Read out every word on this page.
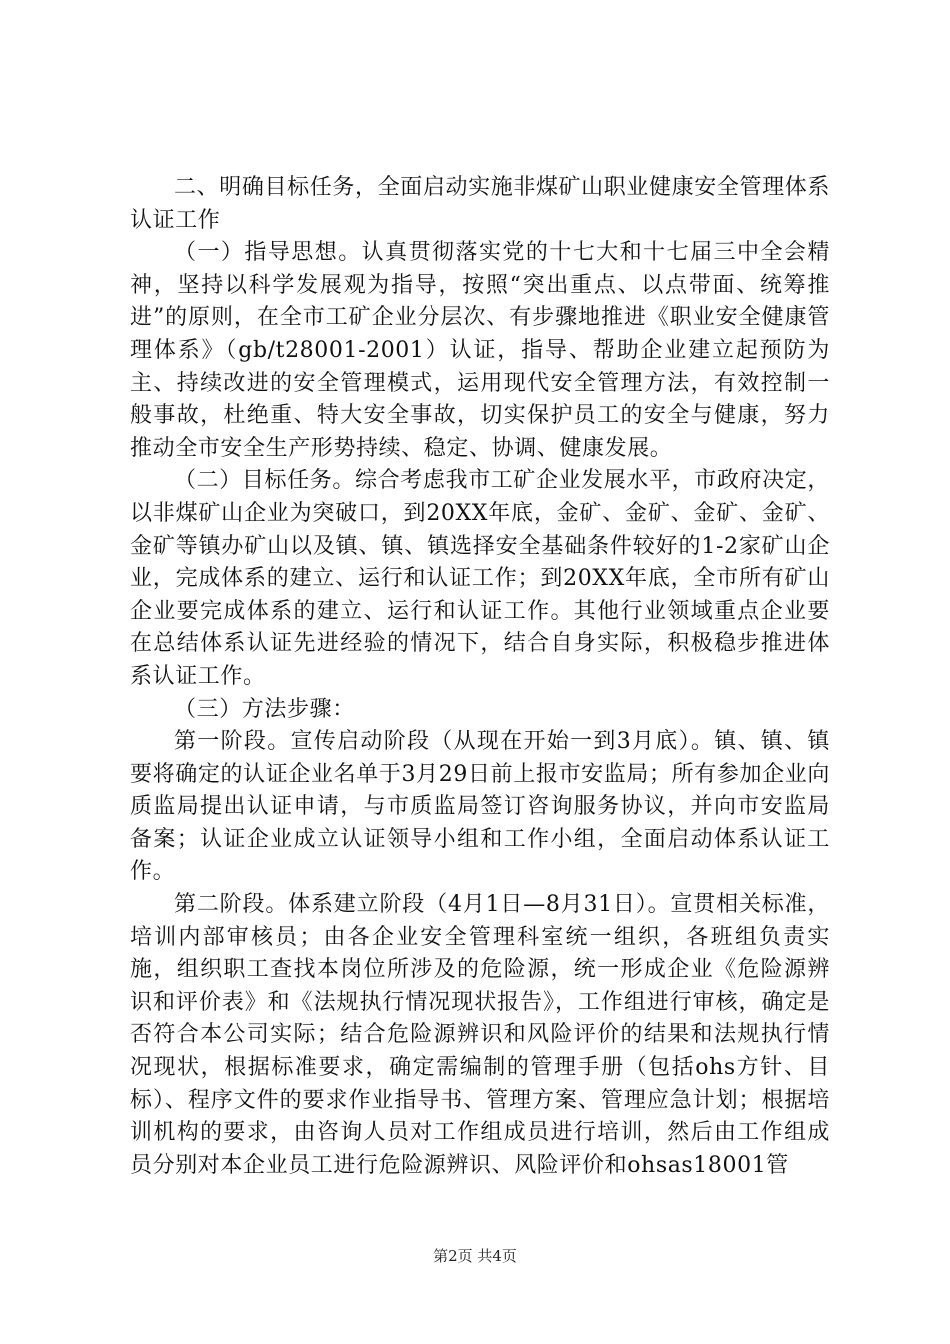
二、明确目标任务，全面启动实施非煤矿山职业健康安全管理体系认证工作

（一）指导思想。认真贯彻落实党的十七大和十七届三中全会精神，坚持以科学发展观为指导，按照“突出重点、以点带面、统筹推进”的原则，在全市工矿企业分层次、有步骤地推进《职业安全健康管理体系》（gb/t28001-2001）认证，指导、帮助企业建立起预防为主、持续改进的安全管理模式，运用现代安全管理方法，有效控制一般事故，杜绝重、特大安全事故，切实保护员工的安全与健康，努力推动全市安全生产形势持续、稳定、协调、健康发展。

（二）目标任务。综合考虑我市工矿企业发展水平，市政府决定，以非煤矿山企业为突破口，到20XX年底，金矿、金矿、金矿、金矿、金矿等镇办矿山以及镇、镇、镇选择安全基础条件较好的1-2家矿山企业，完成体系的建立、运行和认证工作；到20XX年底，全市所有矿山企业要完成体系的建立、运行和认证工作。其他行业领域重点企业要在总结体系认证先进经验的情况下，结合自身实际，积极稳步推进体系认证工作。

（三）方法步骤：

第一阶段。宣传启动阶段（从现在开始一到3月底）。镇、镇、镇要将确定的认证企业名单于3月29日前上报市安监局；所有参加企业向质监局提出认证申请，与市质监局签订咨询服务协议，并向市安监局备案；认证企业成立认证领导小组和工作小组，全面启动体系认证工作。

第二阶段。体系建立阶段（4月1日—8月31日）。宣贯相关标准，培训内部审核员；由各企业安全管理科室统一组织，各班组负责实施，组织职工查找本岗位所涉及的危险源，统一形成企业《危险源辨识和评价表》和《法规执行情况现状报告》，工作组进行审核，确定是否符合本公司实际；结合危险源辨识和风险评价的结果和法规执行情况现状，根据标准要求，确定需编制的管理手册（包括ohs方针、目标）、程序文件的要求作业指导书、管理方案、管理应急计划；根据培训机构的要求，由咨询人员对工作组成员进行培训，然后由工作组成员分别对本企业员工进行危险源辨识、风险评价和ohsas18001管

第2页 共4页
